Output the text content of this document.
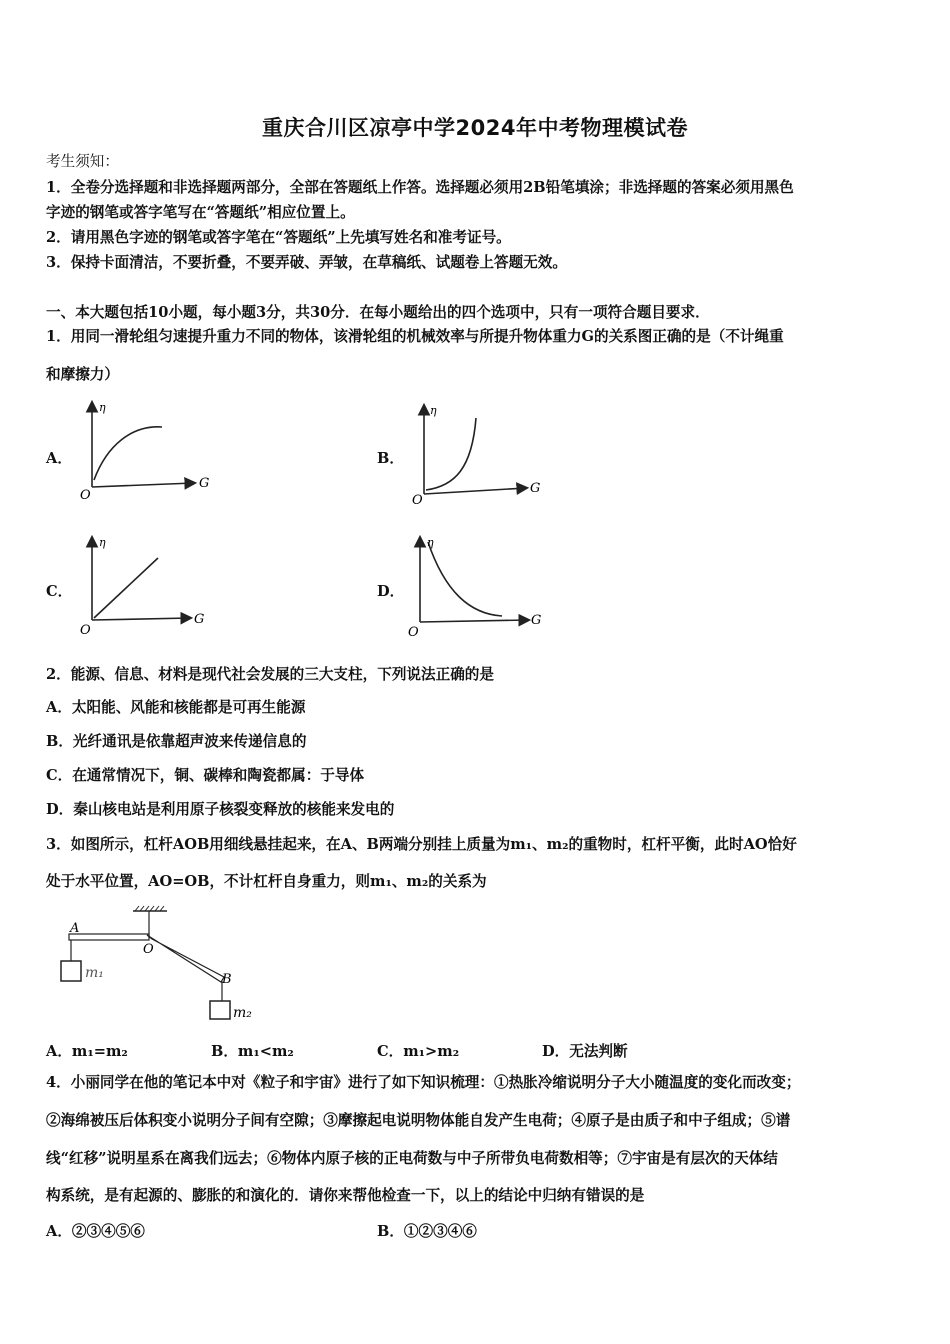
重庆合川区凉亭中学2024年中考物理模试卷
考生须知：
1．全卷分选择题和非选择题两部分，全部在答题纸上作答。选择题必须用2B铅笔填涂；非选择题的答案必须用黑色
字迹的钢笔或答字笔写在“答题纸”相应位置上。
2．请用黑色字迹的钢笔或答字笔在“答题纸”上先填写姓名和准考证号。
3．保持卡面清洁，不要折叠，不要弄破、弄皱，在草稿纸、试题卷上答题无效。
一、本大题包括10小题，每小题3分，共30分．在每小题给出的四个选项中，只有一项符合题目要求．
1．用同一滑轮组匀速提升重力不同的物体，该滑轮组的机械效率与所提升物体重力G的关系图正确的是（不计绳重
和摩擦力）
A．	B．
C．	D．
η
G
O
η
G
O
η
G
O
η
G
O
2．能源、信息、材料是现代社会发展的三大支柱，下列说法正确的是
A．太阳能、风能和核能都是可再生能源
B．光纤通讯是依靠超声波来传递信息的
C．在通常情况下，铜、碳棒和陶瓷都属：于导体
D．秦山核电站是利用原子核裂变释放的核能来发电的
3．如图所示，杠杆AOB用细线悬挂起来，在A、B两端分别挂上质量为m₁、m₂的重物时，杠杆平衡，此时AO恰好
处于水平位置，AO=OB，不计杠杆自身重力，则m₁、m₂的关系为
A
O
B
m₁
m₂
A．m₁=m₂	B．m₁<m₂	C．m₁>m₂	D．无法判断
4．小丽同学在他的笔记本中对《粒子和宇宙》进行了如下知识梳理：①热胀冷缩说明分子大小随温度的变化而改变；
②海绵被压后体积变小说明分子间有空隙；③摩擦起电说明物体能自发产生电荷；④原子是由质子和中子组成；⑤谱
线“红移”说明星系在离我们远去；⑥物体内原子核的正电荷数与中子所带负电荷数相等；⑦宇宙是有层次的天体结
构系统，是有起源的、膨胀的和演化的．请你来帮他检查一下，以上的结论中归纳有错误的是
A．②③④⑤⑥	B．①②③④⑥
